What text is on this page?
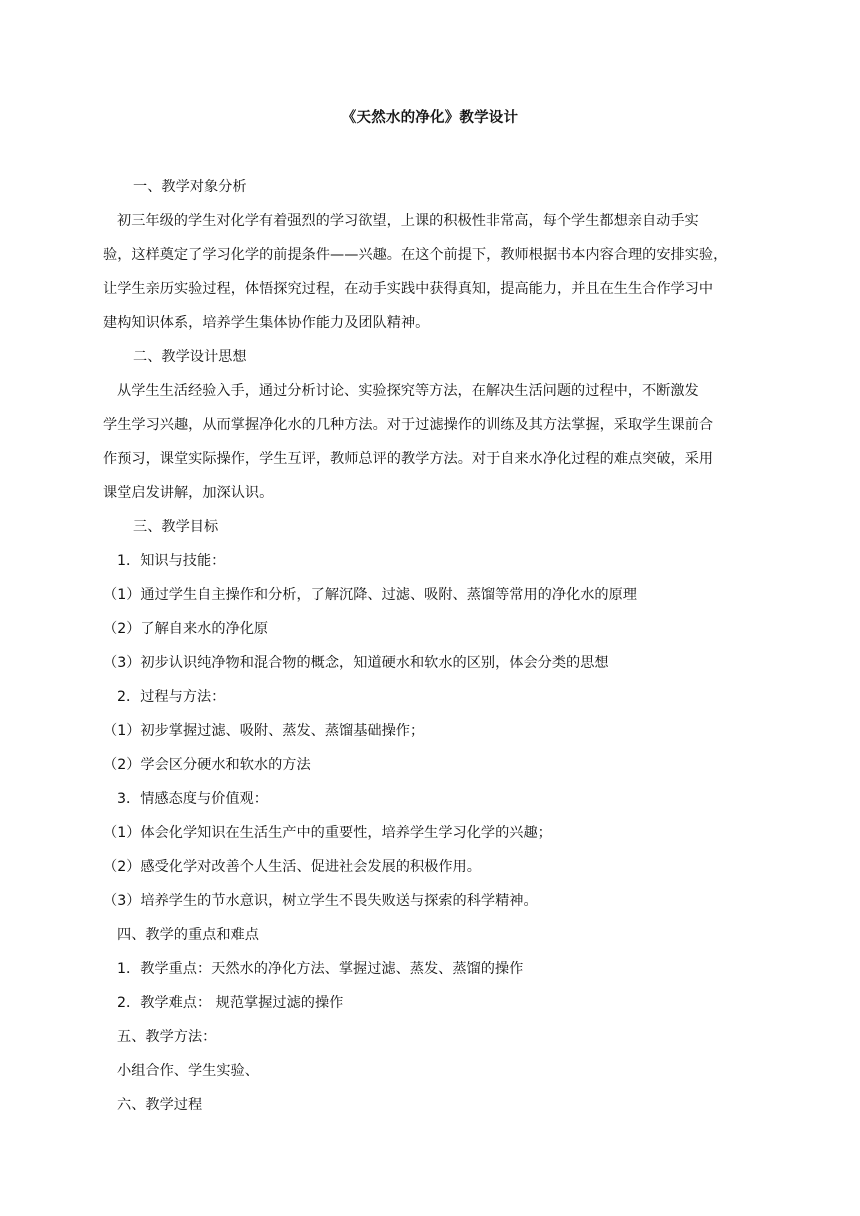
《天然水的净化》教学设计
一、教学对象分析
初三年级的学生对化学有着强烈的学习欲望，上课的积极性非常高，每个学生都想亲自动手实
验，这样奠定了学习化学的前提条件——兴趣。在这个前提下，教师根据书本内容合理的安排实验，
让学生亲历实验过程，体悟探究过程，在动手实践中获得真知，提高能力，并且在生生合作学习中
建构知识体系，培养学生集体协作能力及团队精神。
二、教学设计思想
从学生生活经验入手，通过分析讨论、实验探究等方法，在解决生活问题的过程中，不断激发
学生学习兴趣，从而掌握净化水的几种方法。对于过滤操作的训练及其方法掌握，采取学生课前合
作预习，课堂实际操作，学生互评，教师总评的教学方法。对于自来水净化过程的难点突破，采用
课堂启发讲解，加深认识。
三、教学目标
1．知识与技能：
（1）通过学生自主操作和分析，了解沉降、过滤、吸附、蒸馏等常用的净化水的原理
（2）了解自来水的净化原
（3）初步认识纯净物和混合物的概念，知道硬水和软水的区别，体会分类的思想
2．过程与方法：
（1）初步掌握过滤、吸附、蒸发、蒸馏基础操作；
（2）学会区分硬水和软水的方法
3．情感态度与价值观：
（1）体会化学知识在生活生产中的重要性，培养学生学习化学的兴趣；
（2）感受化学对改善个人生活、促进社会发展的积极作用。
（3）培养学生的节水意识，树立学生不畏失败送与探索的科学精神。
四、教学的重点和难点
1．教学重点：天然水的净化方法、掌握过滤、蒸发、蒸馏的操作
2．教学难点： 规范掌握过滤的操作
五、教学方法：
小组合作、学生实验、
六、教学过程
